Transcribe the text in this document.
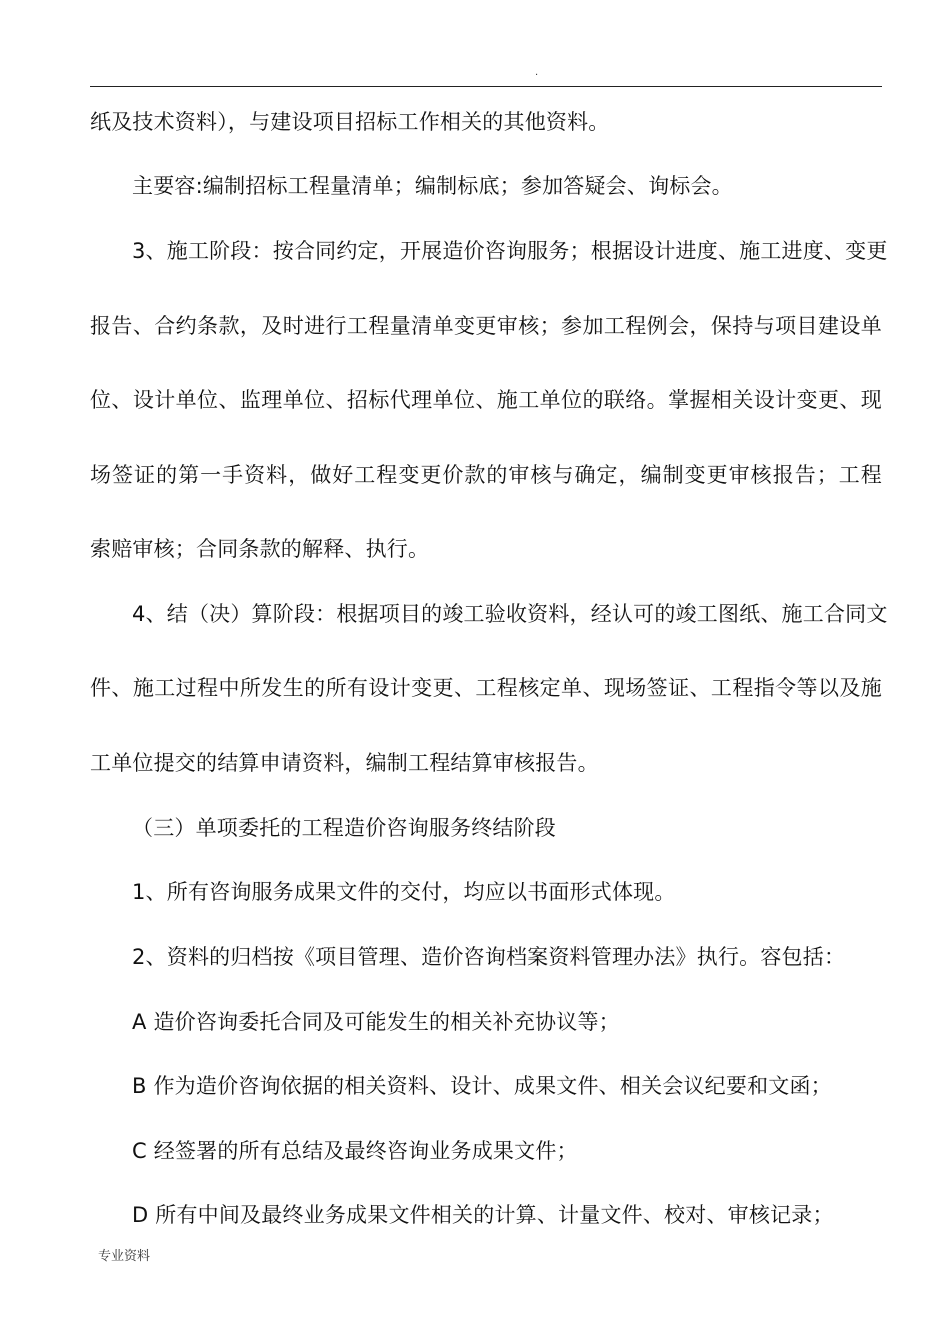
.

纸及技术资料），与建设项目招标工作相关的其他资料。

主要容:编制招标工程量清单；编制标底；参加答疑会、询标会。

3、施工阶段：按合同约定，开展造价咨询服务；根据设计进度、施工进度、变更

报告、合约条款，及时进行工程量清单变更审核；参加工程例会，保持与项目建设单

位、设计单位、监理单位、招标代理单位、施工单位的联络。掌握相关设计变更、现

场签证的第一手资料，做好工程变更价款的审核与确定，编制变更审核报告；工程

索赔审核；合同条款的解释、执行。

4、结（决）算阶段：根据项目的竣工验收资料，经认可的竣工图纸、施工合同文

件、施工过程中所发生的所有设计变更、工程核定单、现场签证、工程指令等以及施

工单位提交的结算申请资料，编制工程结算审核报告。

（三）单项委托的工程造价咨询服务终结阶段

1、所有咨询服务成果文件的交付，均应以书面形式体现。

2、资料的归档按《项目管理、造价咨询档案资料管理办法》执行。容包括：

A 造价咨询委托合同及可能发生的相关补充协议等；

B 作为造价咨询依据的相关资料、设计、成果文件、相关会议纪要和文函；

C 经签署的所有总结及最终咨询业务成果文件；

D 所有中间及最终业务成果文件相关的计算、计量文件、校对、审核记录；

专业资料
